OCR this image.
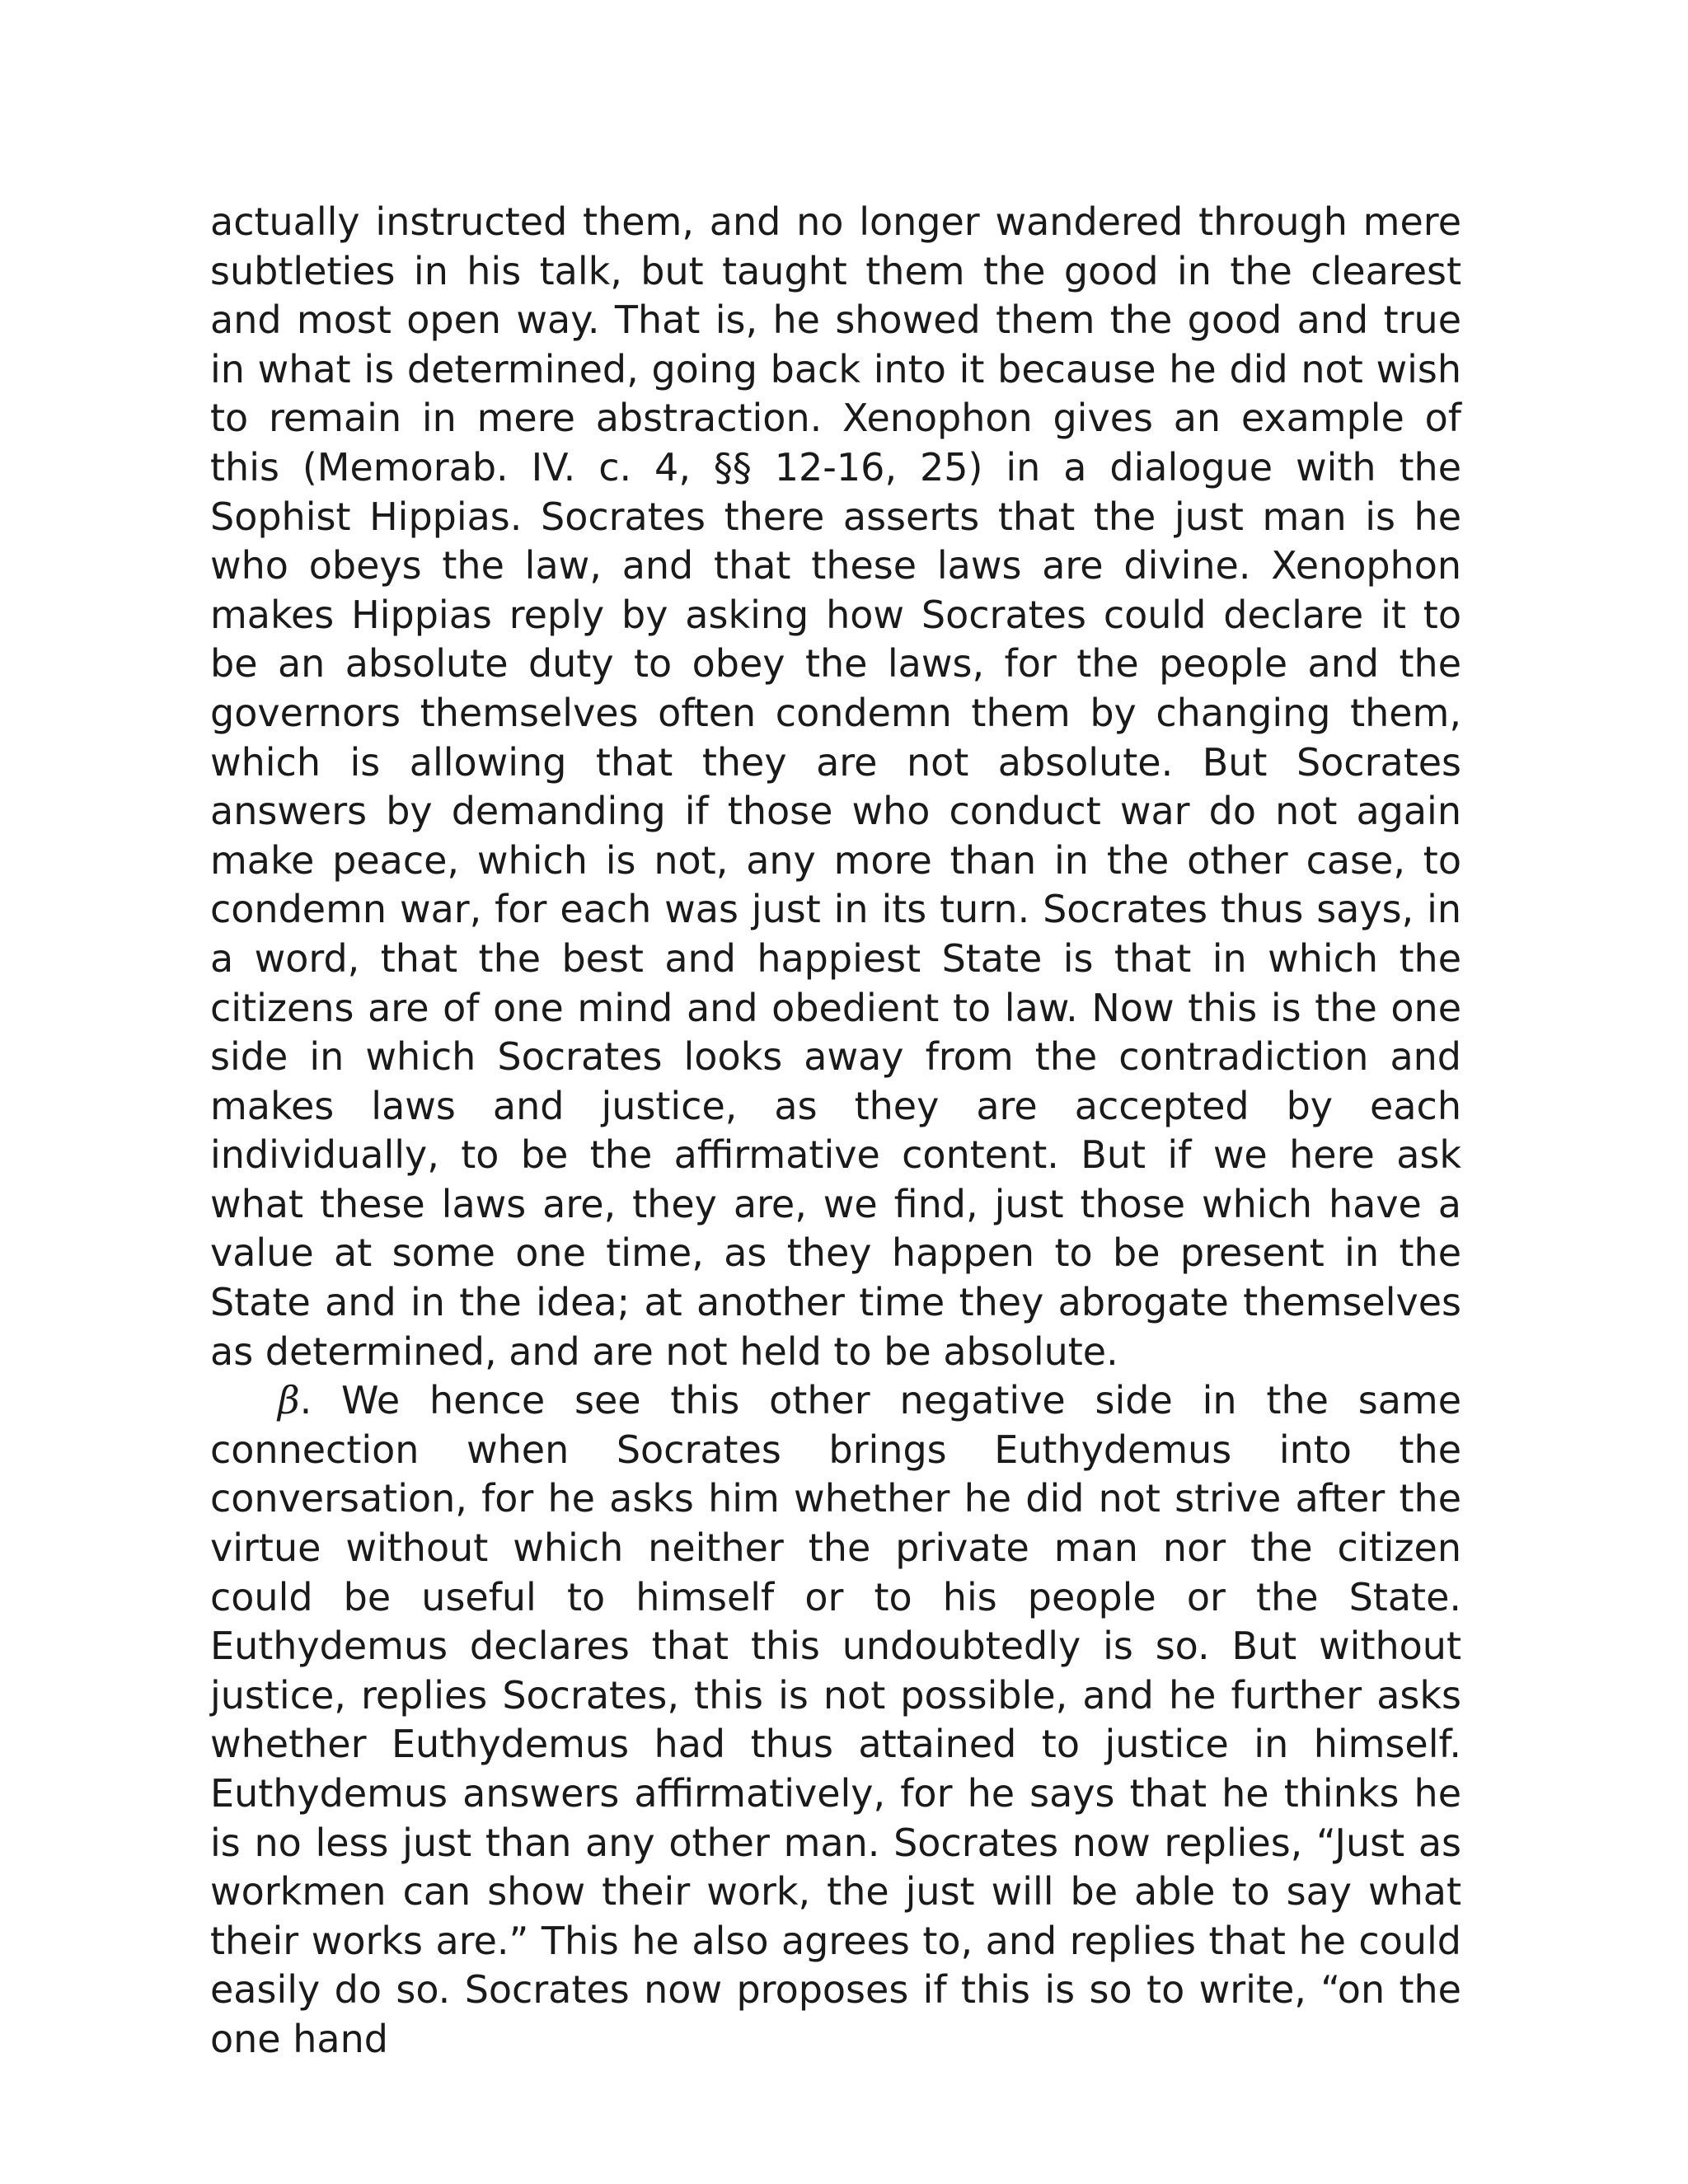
actually instructed them, and no longer wandered through mere subtleties in his talk, but taught them the good in the clearest and most open way. That is, he showed them the good and true in what is determined, going back into it because he did not wish to remain in mere abstraction. Xenophon gives an example of this (Memorab. IV. c. 4, §§ 12-16, 25) in a dialogue with the Sophist Hippias. Socrates there asserts that the just man is he who obeys the law, and that these laws are divine. Xenophon makes Hippias reply by asking how Socrates could declare it to be an absolute duty to obey the laws, for the people and the governors themselves often condemn them by changing them, which is allowing that they are not absolute. But Socrates answers by demanding if those who conduct war do not again make peace, which is not, any more than in the other case, to condemn war, for each was just in its turn. Socrates thus says, in a word, that the best and happiest State is that in which the citizens are of one mind and obedient to law. Now this is the one side in which Socrates looks away from the contradiction and makes laws and justice, as they are accepted by each individually, to be the affirmative content. But if we here ask what these laws are, they are, we find, just those which have a value at some one time, as they happen to be present in the State and in the idea; at another time they abrogate themselves as determined, and are not held to be absolute.

β. We hence see this other negative side in the same connection when Socrates brings Euthydemus into the conversation, for he asks him whether he did not strive after the virtue without which neither the private man nor the citizen could be useful to himself or to his people or the State. Euthydemus declares that this undoubtedly is so. But without justice, replies Socrates, this is not possible, and he further asks whether Euthydemus had thus attained to justice in himself. Euthydemus answers affirmatively, for he says that he thinks he is no less just than any other man. Socrates now replies, “Just as workmen can show their work, the just will be able to say what their works are.” This he also agrees to, and replies that he could easily do so. Socrates now proposes if this is so to write, “on the one hand
